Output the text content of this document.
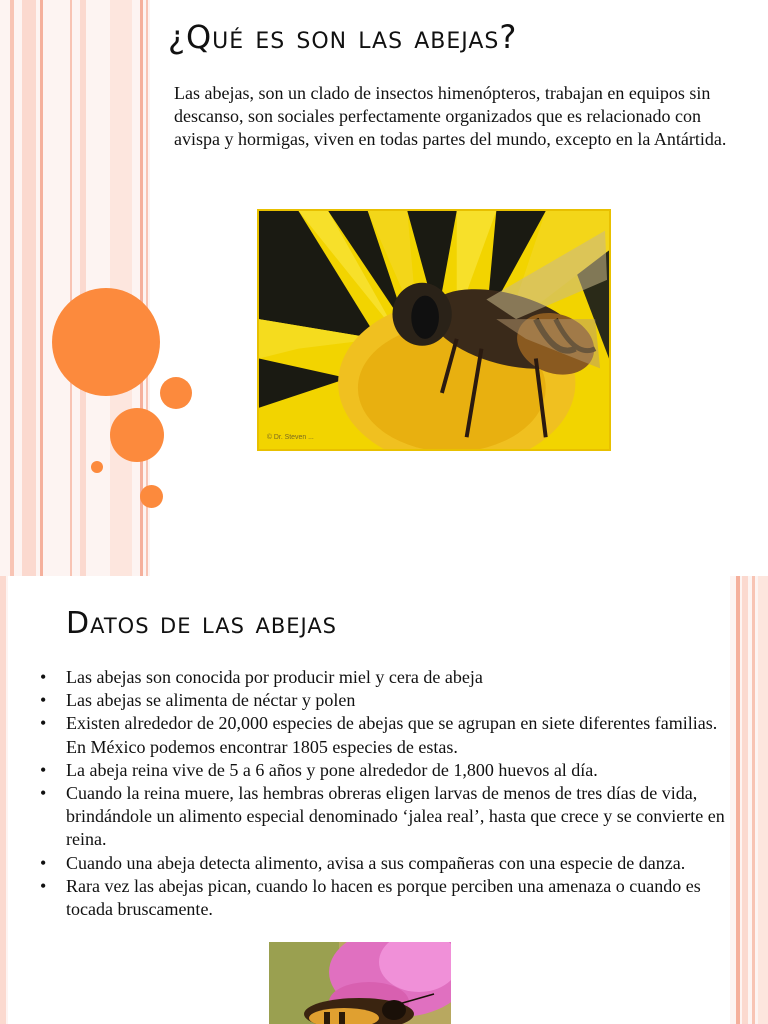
¿Qué es son las abejas?

Las abejas, son un clado de insectos himenópteros, trabajan en equipos sin descanso, son sociales perfectamente organizados que es relacionado con avispa y hormigas, viven en todas partes del mundo, excepto en la Antártida.

© Dr. Steven ...
Datos de las abejas
• Las abejas son conocida por producir miel y cera de abeja
• Las abejas se alimenta de néctar y polen
• Existen alrededor de 20,000 especies de abejas que se agrupan en siete diferentes familias. En México podemos encontrar 1805 especies de estas.
• La abeja reina vive de 5 a 6 años y pone alrededor de 1,800 huevos al día.
• Cuando la reina muere, las hembras obreras eligen larvas de menos de tres días de vida, brindándole un alimento especial denominado ‘jalea real’, hasta que crece y se convierte en reina.
• Cuando una abeja detecta alimento, avisa a sus compañeras con una especie de danza.
• Rara vez las abejas pican, cuando lo hacen es porque perciben una amenaza o cuando es tocada bruscamente.
